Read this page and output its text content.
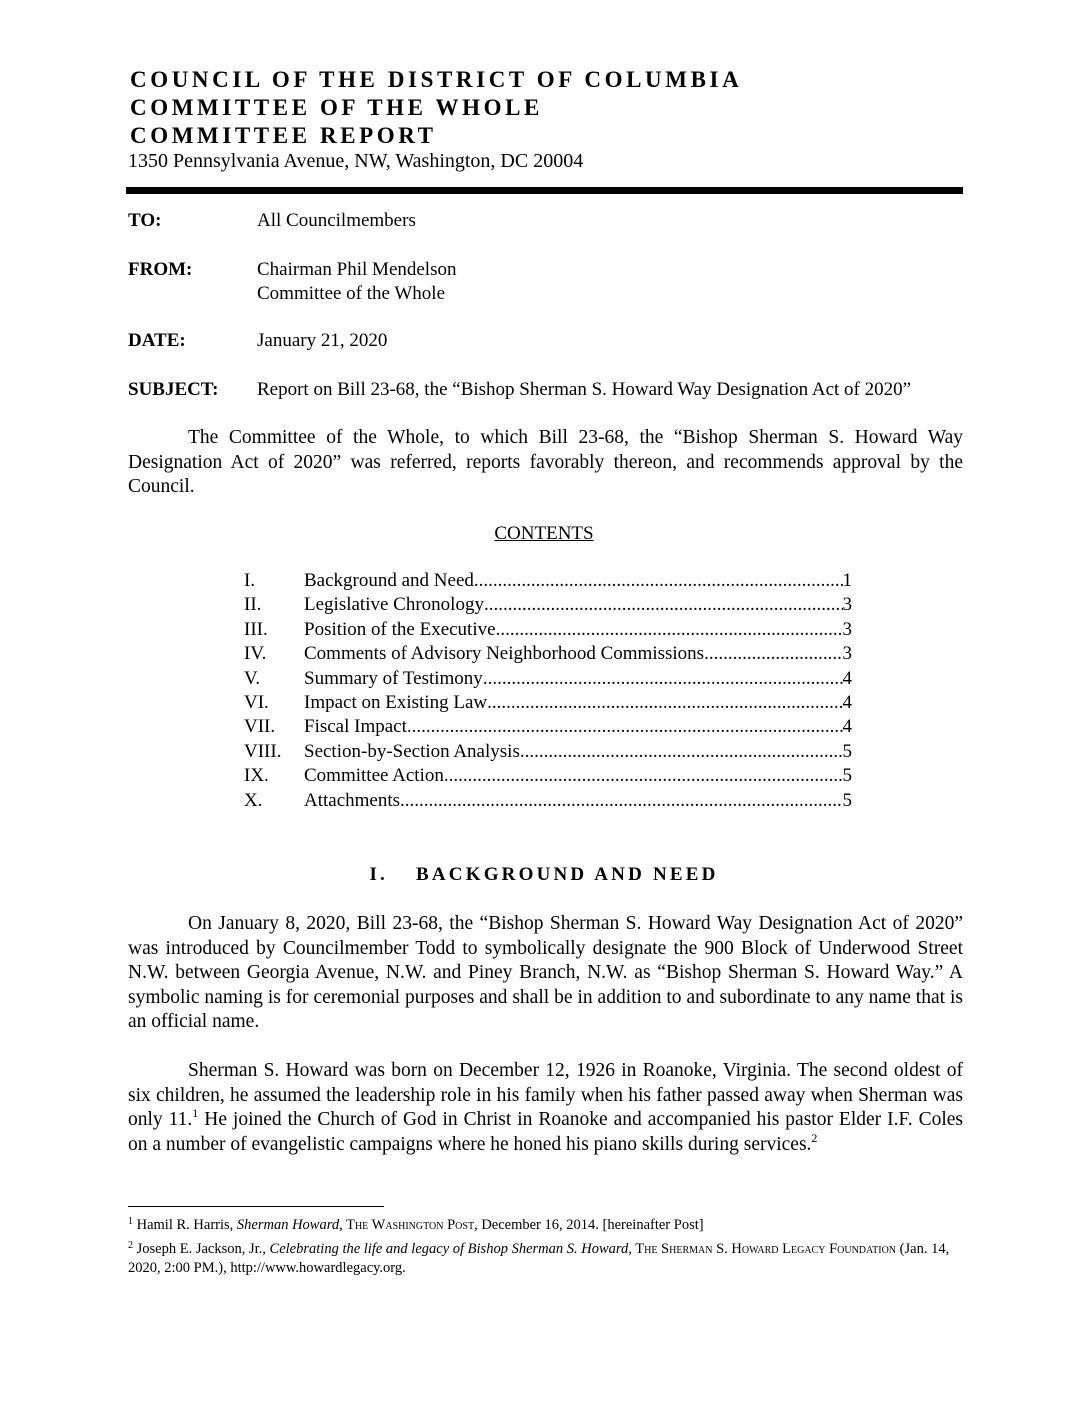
COUNCIL OF THE DISTRICT OF COLUMBIA
COMMITTEE OF THE WHOLE
COMMITTEE REPORT
1350 Pennsylvania Avenue, NW, Washington, DC 20004
TO:	All Councilmembers
FROM:	Chairman Phil Mendelson
Committee of the Whole
DATE:	January 21, 2020
SUBJECT: Report on Bill 23-68, the “Bishop Sherman S. Howard Way Designation Act of 2020”

The Committee of the Whole, to which Bill 23-68, the “Bishop Sherman S. Howard Way Designation Act of 2020” was referred, reports favorably thereon, and recommends approval by the Council.

CONTENTS
I.	Background and Need .....	1
II.	Legislative Chronology .....	3
III.	Position of the Executive .....	3
IV.	Comments of Advisory Neighborhood Commissions .....	3
V.	Summary of Testimony .....	4
VI.	Impact on Existing Law .....	4
VII.	Fiscal Impact .....	4
VIII.	Section-by-Section Analysis .....	5
IX.	Committee Action .....	5
X.	Attachments .....	5
I. BACKGROUND AND NEED

On January 8, 2020, Bill 23-68, the “Bishop Sherman S. Howard Way Designation Act of 2020” was introduced by Councilmember Todd to symbolically designate the 900 Block of Underwood Street N.W. between Georgia Avenue, N.W. and Piney Branch, N.W. as “Bishop Sherman S. Howard Way.” A symbolic naming is for ceremonial purposes and shall be in addition to and subordinate to any name that is an official name.

Sherman S. Howard was born on December 12, 1926 in Roanoke, Virginia. The second oldest of six children, he assumed the leadership role in his family when his father passed away when Sherman was only 11.$^1$ He joined the Church of God in Christ in Roanoke and accompanied his pastor Elder I.F. Coles on a number of evangelistic campaigns where he honed his piano skills during services.$^2$

$^1$ Hamil R. Harris, Sherman Howard, The Washington Post, December 16, 2014. [hereinafter Post]

$^2$ Joseph E. Jackson, Jr., Celebrating the life and legacy of Bishop Sherman S. Howard, The Sherman S. Howard Legacy Foundation (Jan. 14, 2020, 2:00 PM.), http://www.howardlegacy.org.
